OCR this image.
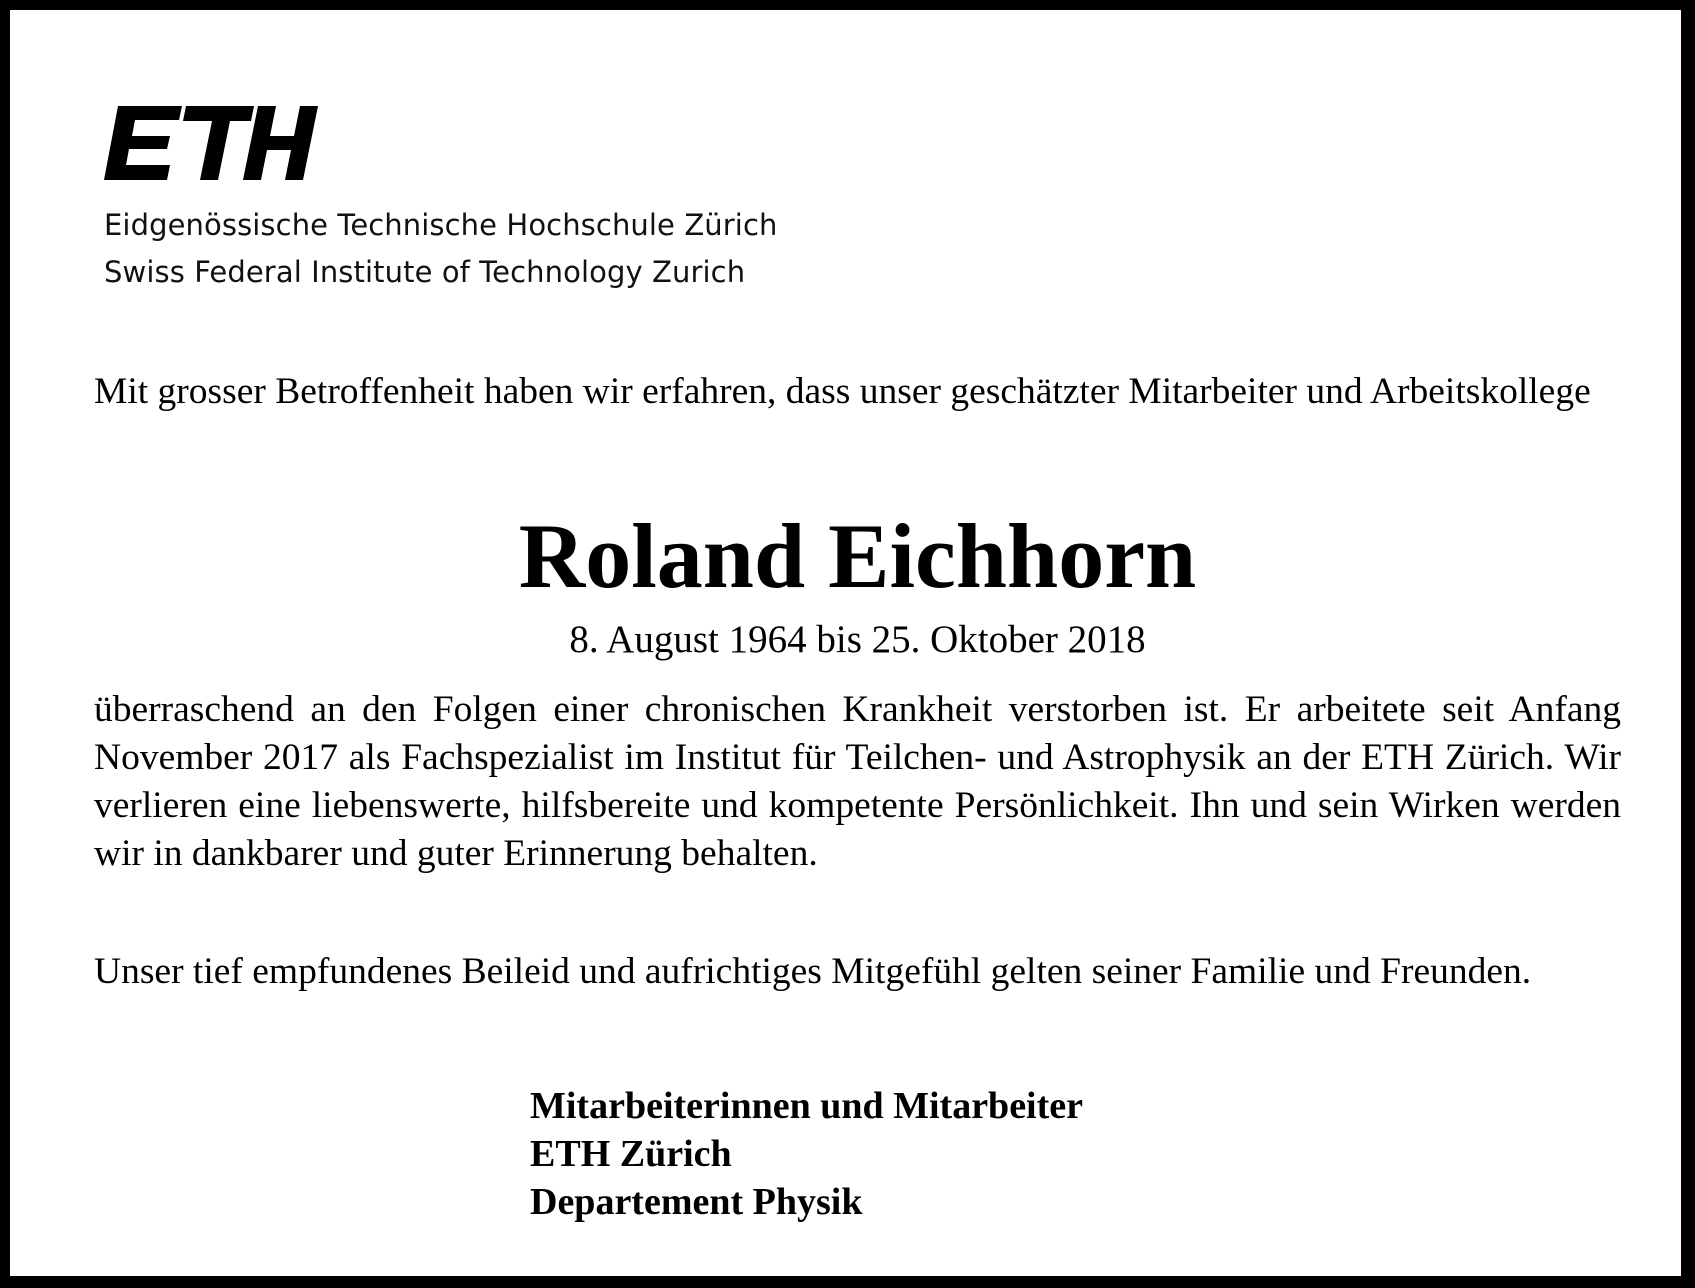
Eidgenössische Technische Hochschule Zürich
Swiss Federal Institute of Technology Zurich

Mit grosser Betroffenheit haben wir erfahren, dass unser geschätzter Mitarbeiter und Arbeitskollege

Roland Eichhorn

8. August 1964 bis 25. Oktober 2018

überraschend an den Folgen einer chronischen Krankheit verstorben ist. Er arbeitete seit Anfang November 2017 als Fachspezialist im Institut für Teilchen- und Astrophysik an der ETH Zürich. Wir verlieren eine liebenswerte, hilfsbereite und kompetente Persönlichkeit. Ihn und sein Wirken werden wir in dankbarer und guter Erinnerung behalten.

Unser tief empfundenes Beileid und aufrichtiges Mitgefühl gelten seiner Familie und Freunden.

Mitarbeiterinnen und Mitarbeiter
ETH Zürich
Departement Physik
